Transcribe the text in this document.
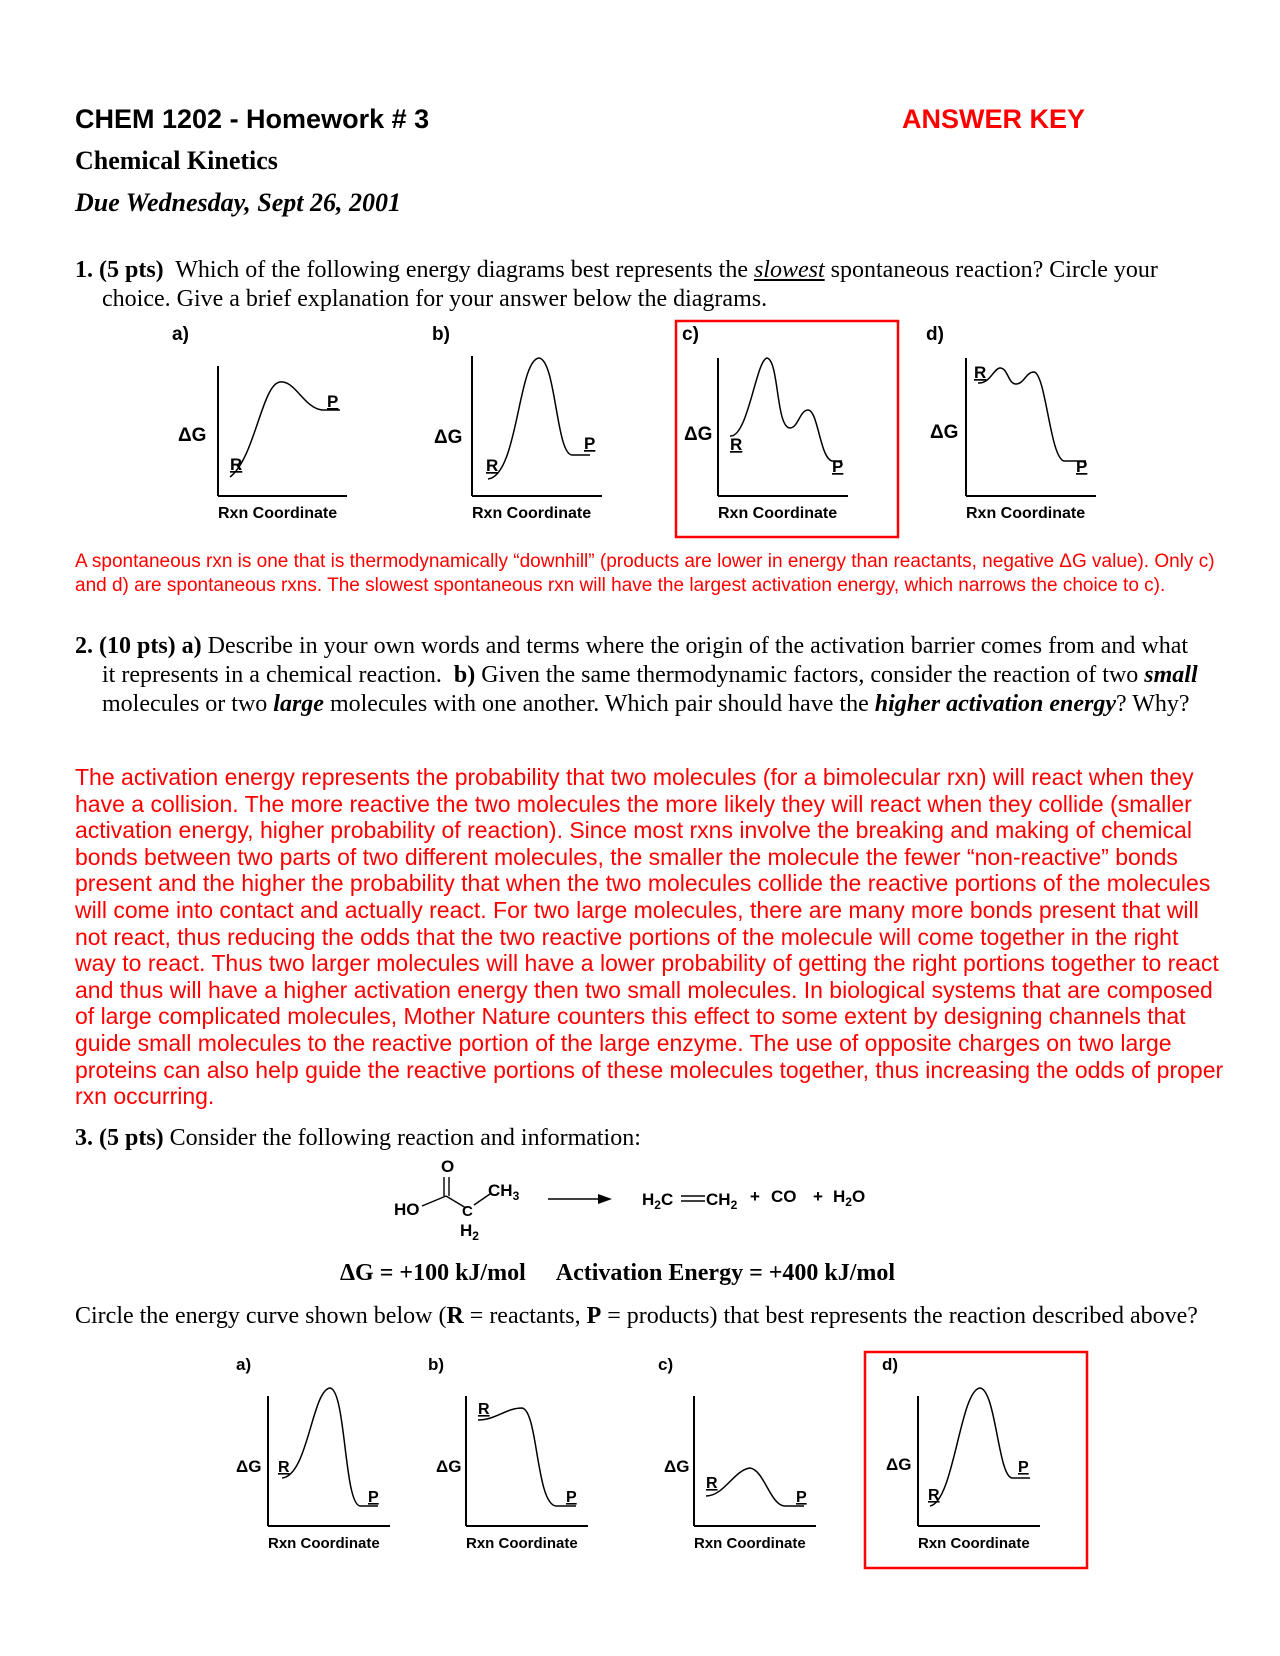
CHEM 1202 - Homework # 3	ANSWER KEY
Chemical Kinetics
Due Wednesday, Sept 26, 2001
1. (5 pts) Which of the following energy diagrams best represents the slowest spontaneous reaction? Circle your choice. Give a brief explanation for your answer below the diagrams.
a)
ΔG
R
P
Rxn Coordinate
b)
ΔG
R
P
Rxn Coordinate
c)
ΔG R
P
Rxn Coordinate
d)
ΔG
R
P
Rxn Coordinate
A spontaneous rxn is one that is thermodynamically “downhill” (products are lower in energy than reactants, negative ΔG value). Only c) and d) are spontaneous rxns. The slowest spontaneous rxn will have the largest activation energy, which narrows the choice to c).
2. (10 pts) a) Describe in your own words and terms where the origin of the activation barrier comes from and what it represents in a chemical reaction. b) Given the same thermodynamic factors, consider the reaction of two small molecules or two large molecules with one another. Which pair should have the higher activation energy? Why?
The activation energy represents the probability that two molecules (for a bimolecular rxn) will react when they have a collision. The more reactive the two molecules the more likely they will react when they collide (smaller activation energy, higher probability of reaction). Since most rxns involve the breaking and making of chemical bonds between two parts of two different molecules, the smaller the molecule the fewer “non-reactive” bonds present and the higher the probability that when the two molecules collide the reactive portions of the molecules will come into contact and actually react. For two large molecules, there are many more bonds present that will not react, thus reducing the odds that the two reactive portions of the molecule will come together in the right way to react. Thus two larger molecules will have a lower probability of getting the right portions together to react and thus will have a higher activation energy then two small molecules. In biological systems that are composed of large complicated molecules, Mother Nature counters this effect to some extent by designing channels that guide small molecules to the reactive portion of the large enzyme. The use of opposite charges on two large proteins can also help guide the reactive portions of these molecules together, thus increasing the odds of proper rxn occurring.
3. (5 pts) Consider the following reaction and information:
O
HO	C
$H_2$
$CH_3$	$H_2C$ $CH_2$ + CO + $H_2O$
ΔG = +100 kJ/mol Activation Energy = +400 kJ/mol
Circle the energy curve shown below (R = reactants, P = products) that best represents the reaction described above?
a)
ΔG R
P
Rxn Coordinate
b)
ΔG
R
P
Rxn Coordinate
c)
ΔG
R
P
Rxn Coordinate
d)
ΔG
R
P
Rxn Coordinate
